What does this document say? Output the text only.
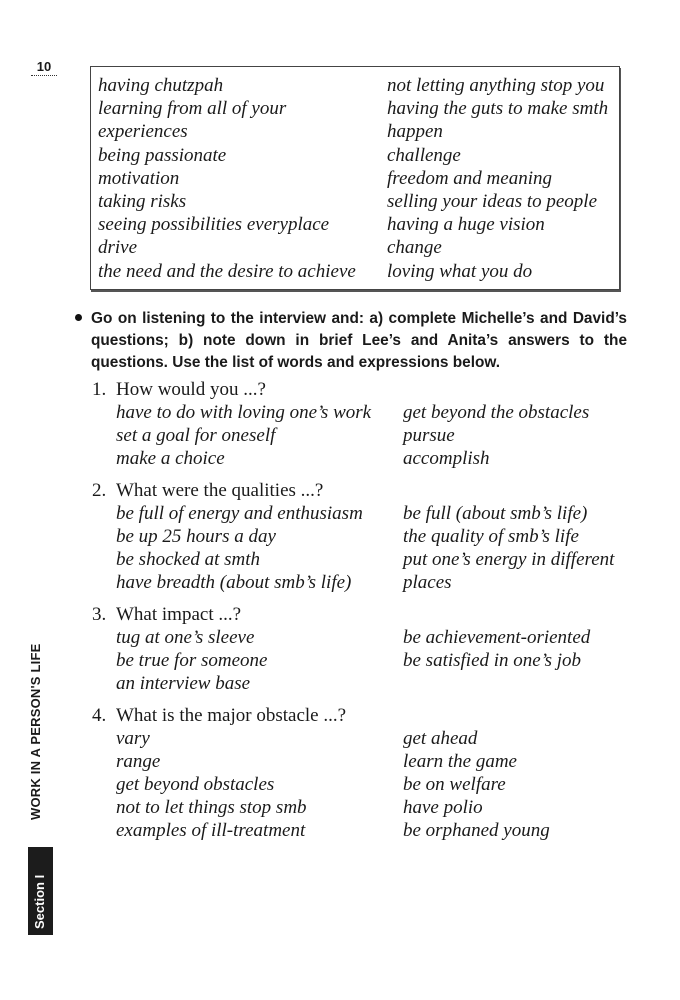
10
having chutzpah
learning from all of your
experiences
being passionate
motivation
taking risks
seeing possibilities everyplace
drive
the need and the desire to achieve
not letting anything stop you
having the guts to make smth
happen
challenge
freedom and meaning
selling your ideas to people
having a huge vision
change
loving what you do

Go on listening to the interview and: a) complete Michelle’s and David’s questions; b) note down in brief Lee’s and Anita’s answers to the questions. Use the list of words and expressions below.

1. How would you ...?
have to do with loving one’s work
set a goal for oneself
make a choice
get beyond the obstacles
pursue
accomplish
2. What were the qualities ...?
be full of energy and enthusiasm
be up 25 hours a day
be shocked at smth
have breadth (about smb’s life)
be full (about smb’s life)
the quality of smb’s life
put one’s energy in different
places
3. What impact ...?
tug at one’s sleeve
be true for someone
an interview base
be achievement-oriented
be satisfied in one’s job
4. What is the major obstacle ...?
vary
range
get beyond obstacles
not to let things stop smb
examples of ill-treatment
get ahead
learn the game
be on welfare
have polio
be orphaned young
WORK IN A PERSON'S LIFE
Section I
